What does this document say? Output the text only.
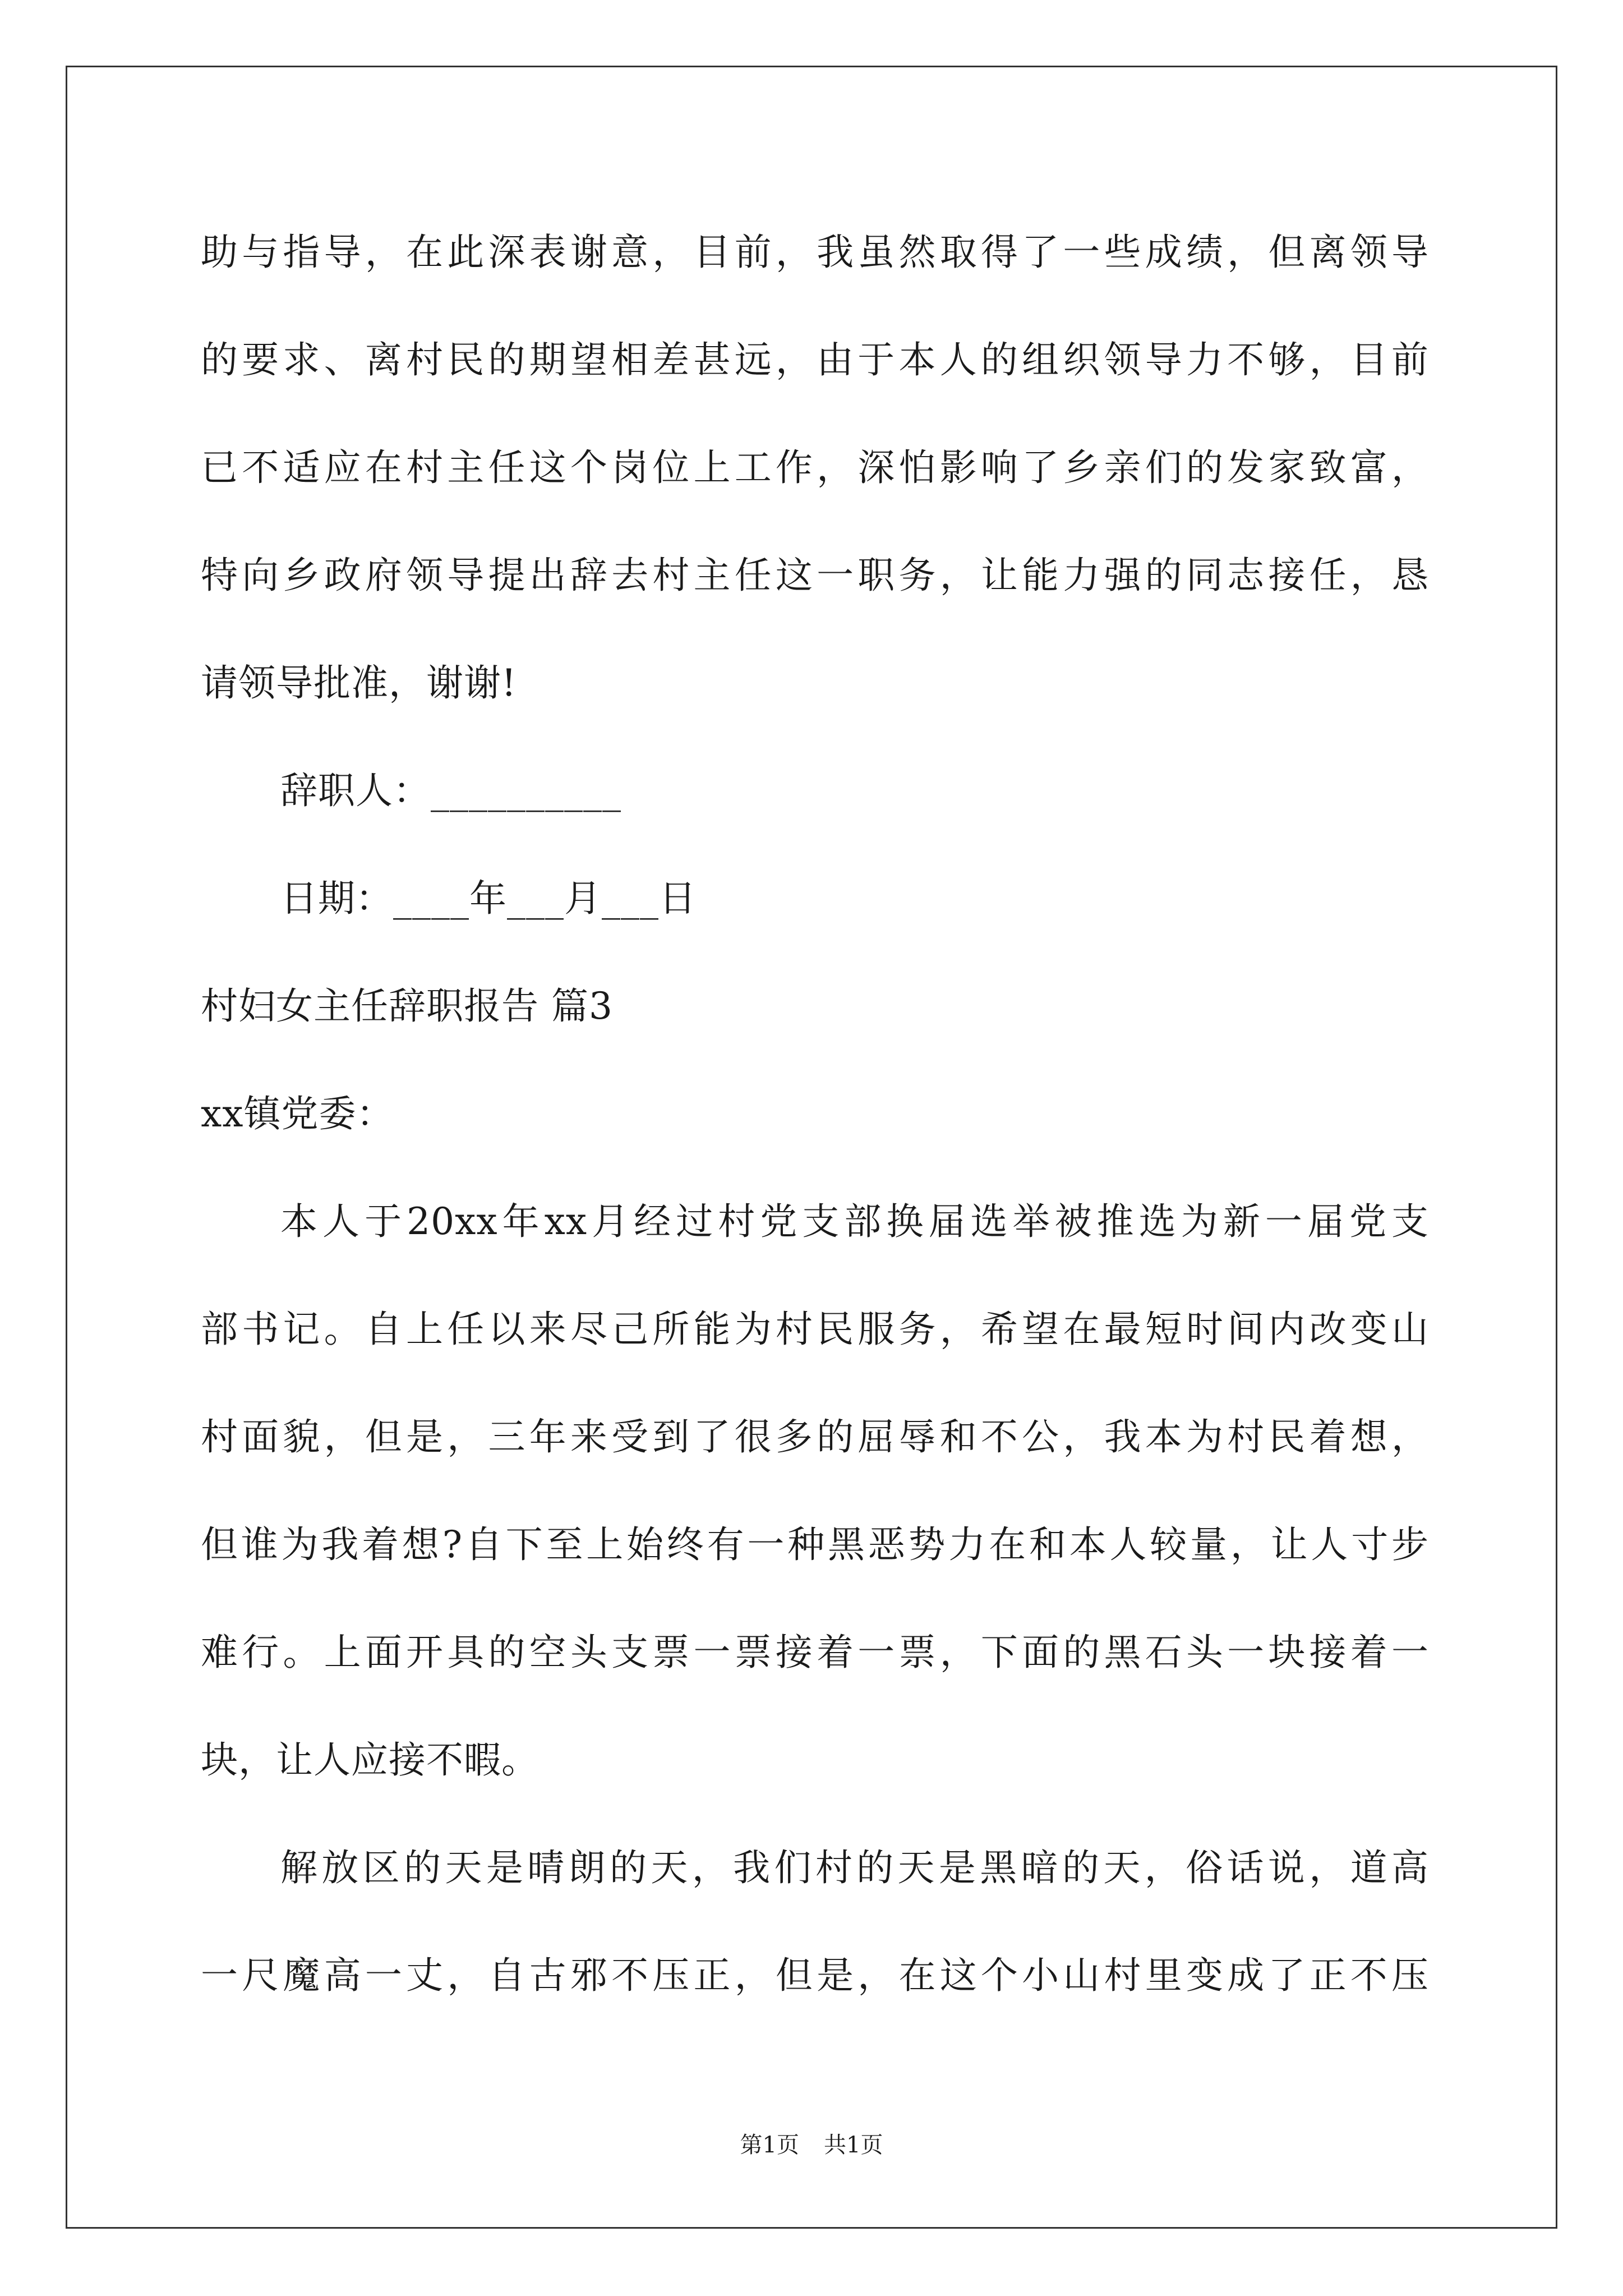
助与指导，在此深表谢意，目前，我虽然取得了一些成绩，但离领导
的要求、离村民的期望相差甚远，由于本人的组织领导力不够，目前
已不适应在村主任这个岗位上工作，深怕影响了乡亲们的发家致富，
特向乡政府领导提出辞去村主任这一职务，让能力强的同志接任，恳
请领导批准，谢谢!
辞职人：__________
日期：____年___月___日
村妇女主任辞职报告 篇3
xx镇党委：
本人于20xx年xx月经过村党支部换届选举被推选为新一届党支
部书记。自上任以来尽己所能为村民服务，希望在最短时间内改变山
村面貌，但是，三年来受到了很多的屈辱和不公，我本为村民着想，
但谁为我着想?自下至上始终有一种黑恶势力在和本人较量，让人寸步
难行。上面开具的空头支票一票接着一票，下面的黑石头一块接着一
块，让人应接不暇。
解放区的天是晴朗的天，我们村的天是黑暗的天，俗话说，道高
一尺魔高一丈，自古邪不压正，但是，在这个小山村里变成了正不压
第1页 共1页
